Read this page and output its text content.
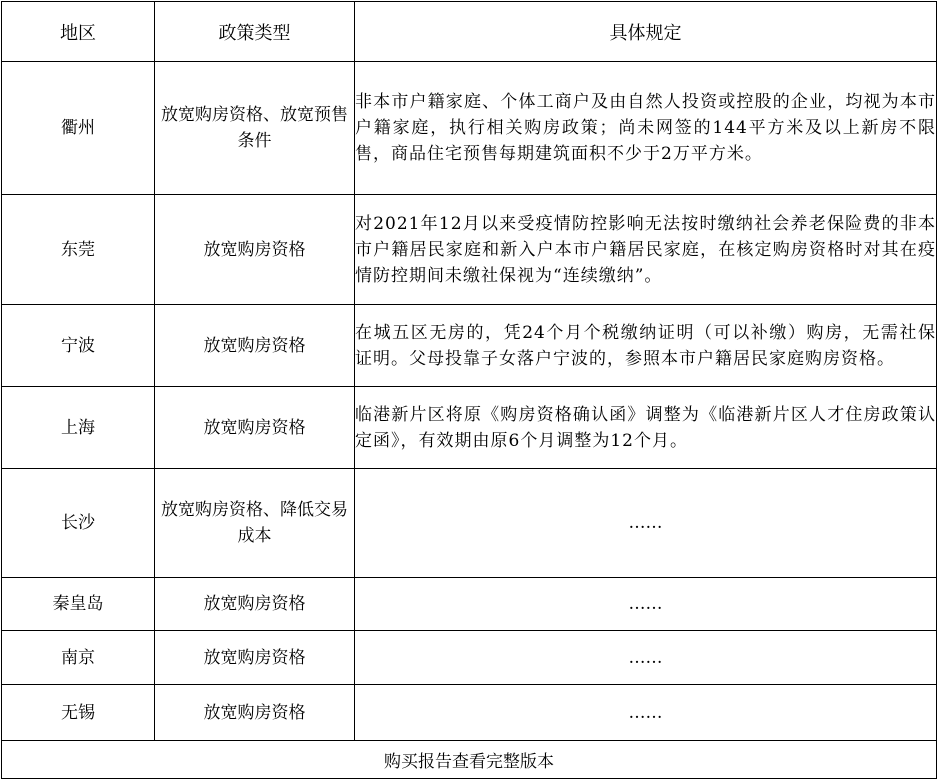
地区	政策类型	具体规定
衢州	放宽购房资格、放宽预售条件	非本市户籍家庭、个体工商户及由自然人投资或控股的企业，均视为本市户籍家庭，执行相关购房政策；尚未网签的144平方米及以上新房不限售，商品住宅预售每期建筑面积不少于2万平方米。
东莞	放宽购房资格	对2021年12月以来受疫情防控影响无法按时缴纳社会养老保险费的非本市户籍居民家庭和新入户本市户籍居民家庭，在核定购房资格时对其在疫情防控期间未缴社保视为“连续缴纳”。
宁波	放宽购房资格	在城五区无房的，凭24个月个税缴纳证明（可以补缴）购房，无需社保证明。父母投靠子女落户宁波的，参照本市户籍居民家庭购房资格。
上海	放宽购房资格	临港新片区将原《购房资格确认函》调整为《临港新片区人才住房政策认定函》，有效期由原6个月调整为12个月。
长沙	放宽购房资格、降低交易成本	……
秦皇岛	放宽购房资格	……
南京	放宽购房资格	……
无锡	放宽购房资格	……
购买报告查看完整版本		
